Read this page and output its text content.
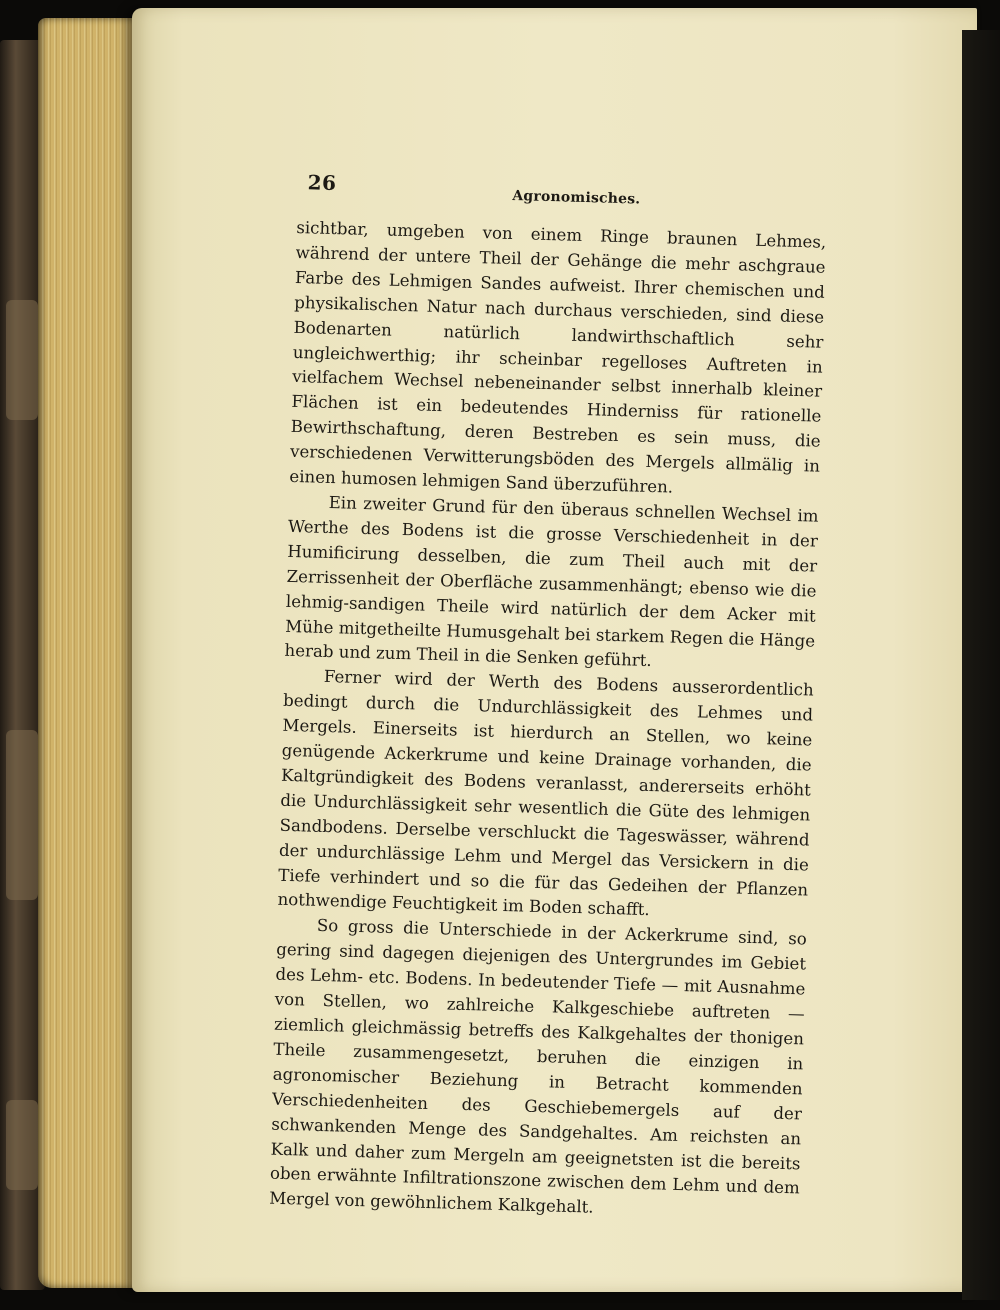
26
Agronomisches.

sichtbar, umgeben von einem Ringe braunen Lehmes, während der untere Theil der Gehänge die mehr aschgraue Farbe des Lehmigen Sandes aufweist. Ihrer chemischen und physikalischen Natur nach durchaus verschieden, sind diese Bodenarten natürlich landwirthschaftlich sehr ungleichwerthig; ihr scheinbar regelloses Auftreten in vielfachem Wechsel nebeneinander selbst innerhalb kleiner Flächen ist ein bedeutendes Hinderniss für rationelle Bewirthschaftung, deren Bestreben es sein muss, die verschiedenen Verwitterungsböden des Mergels allmälig in einen humosen lehmigen Sand überzuführen.

Ein zweiter Grund für den überaus schnellen Wechsel im Werthe des Bodens ist die grosse Verschiedenheit in der Humificirung desselben, die zum Theil auch mit der Zerrissenheit der Oberfläche zusammenhängt; ebenso wie die lehmig-sandigen Theile wird natürlich der dem Acker mit Mühe mitgetheilte Humusgehalt bei starkem Regen die Hänge herab und zum Theil in die Senken geführt.

Ferner wird der Werth des Bodens ausserordentlich bedingt durch die Undurchlässigkeit des Lehmes und Mergels. Einerseits ist hierdurch an Stellen, wo keine genügende Ackerkrume und keine Drainage vorhanden, die Kaltgründigkeit des Bodens veranlasst, andererseits erhöht die Undurchlässigkeit sehr wesentlich die Güte des lehmigen Sandbodens. Derselbe verschluckt die Tageswässer, während der undurchlässige Lehm und Mergel das Versickern in die Tiefe verhindert und so die für das Gedeihen der Pflanzen nothwendige Feuchtigkeit im Boden schafft.

So gross die Unterschiede in der Ackerkrume sind, so gering sind dagegen diejenigen des Untergrundes im Gebiet des Lehm- etc. Bodens. In bedeutender Tiefe — mit Ausnahme von Stellen, wo zahlreiche Kalkgeschiebe auftreten — ziemlich gleichmässig betreffs des Kalkgehaltes der thonigen Theile zusammengesetzt, beruhen die einzigen in agronomischer Beziehung in Betracht kommenden Verschiedenheiten des Geschiebemergels auf der schwankenden Menge des Sandgehaltes. Am reichsten an Kalk und daher zum Mergeln am geeignetsten ist die bereits oben erwähnte Infiltrationszone zwischen dem Lehm und dem Mergel von gewöhnlichem Kalkgehalt.
